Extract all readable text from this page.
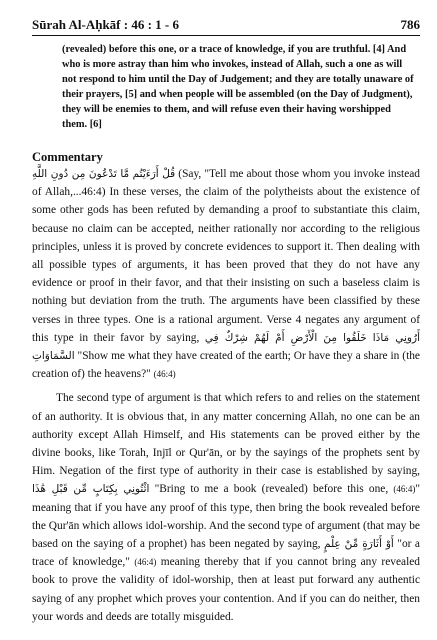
Sūrah Al-Aḥkāf : 46 : 1 - 6	786

(revealed) before this one, or a trace of knowledge, if you are truthful. [4] And who is more astray than him who invokes, instead of Allah, such a one as will not respond to him until the Day of Judgement; and they are totally unaware of their prayers, [5] and when people will be assembled (on the Day of Judgment), they will be enemies to them, and will refuse even their having worshipped them. [6]

Commentary

قُلْ أَرَءَيْتُم مَّا تَدْعُونَ مِن دُونِ اللَّهِ (Say, "Tell me about those whom you invoke instead of Allah,...46:4) In these verses, the claim of the polytheists about the existence of some other gods has been refuted by demanding a proof to substantiate this claim, because no claim can be accepted, neither rationally nor according to the religious principles, unless it is proved by concrete evidences to support it. Then dealing with all possible types of arguments, it has been proved that they do not have any evidence or proof in their favor, and that their insisting on such a baseless claim is nothing but deviation from the truth. The arguments have been classified by these verses in three types. One is a rational argument. Verse 4 negates any argument of this type in their favor by saying, أَرُونِي مَاذَا خَلَقُوا مِنَ الْأَرْضِ أَمْ لَهُمْ شِرْكٌ فِي السَّمَاوَاتِ "Show me what they have created of the earth; Or have they a share in (the creation of) the heavens?" (46:4)

The second type of argument is that which refers to and relies on the statement of an authority. It is obvious that, in any matter concerning Allah, no one can be an authority except Allah Himself, and His statements can be proved either by the divine books, like Torah, Injīl or Qur'ān, or by the sayings of the prophets sent by Him. Negation of the first type of authority in their case is established by saying, ائْتُونِي بِكِتَابٍ مِّن قَبْلِ هَٰذَا "Bring to me a book (revealed) before this one, (46:4)" meaning that if you have any proof of this type, then bring the book revealed before the Qur'ān which allows idol-worship. And the second type of argument (that may be based on the saying of a prophet) has been negated by saying, أَوْ أَثَارَةٍ مِّنْ عِلْمٍ "or a trace of knowledge," (46:4) meaning thereby that if you cannot bring any revealed book to prove the validity of idol-worship, then at least put forward any authentic saying of any prophet which proves your contention. And if you can do neither, then your words and deeds are totally misguided.
